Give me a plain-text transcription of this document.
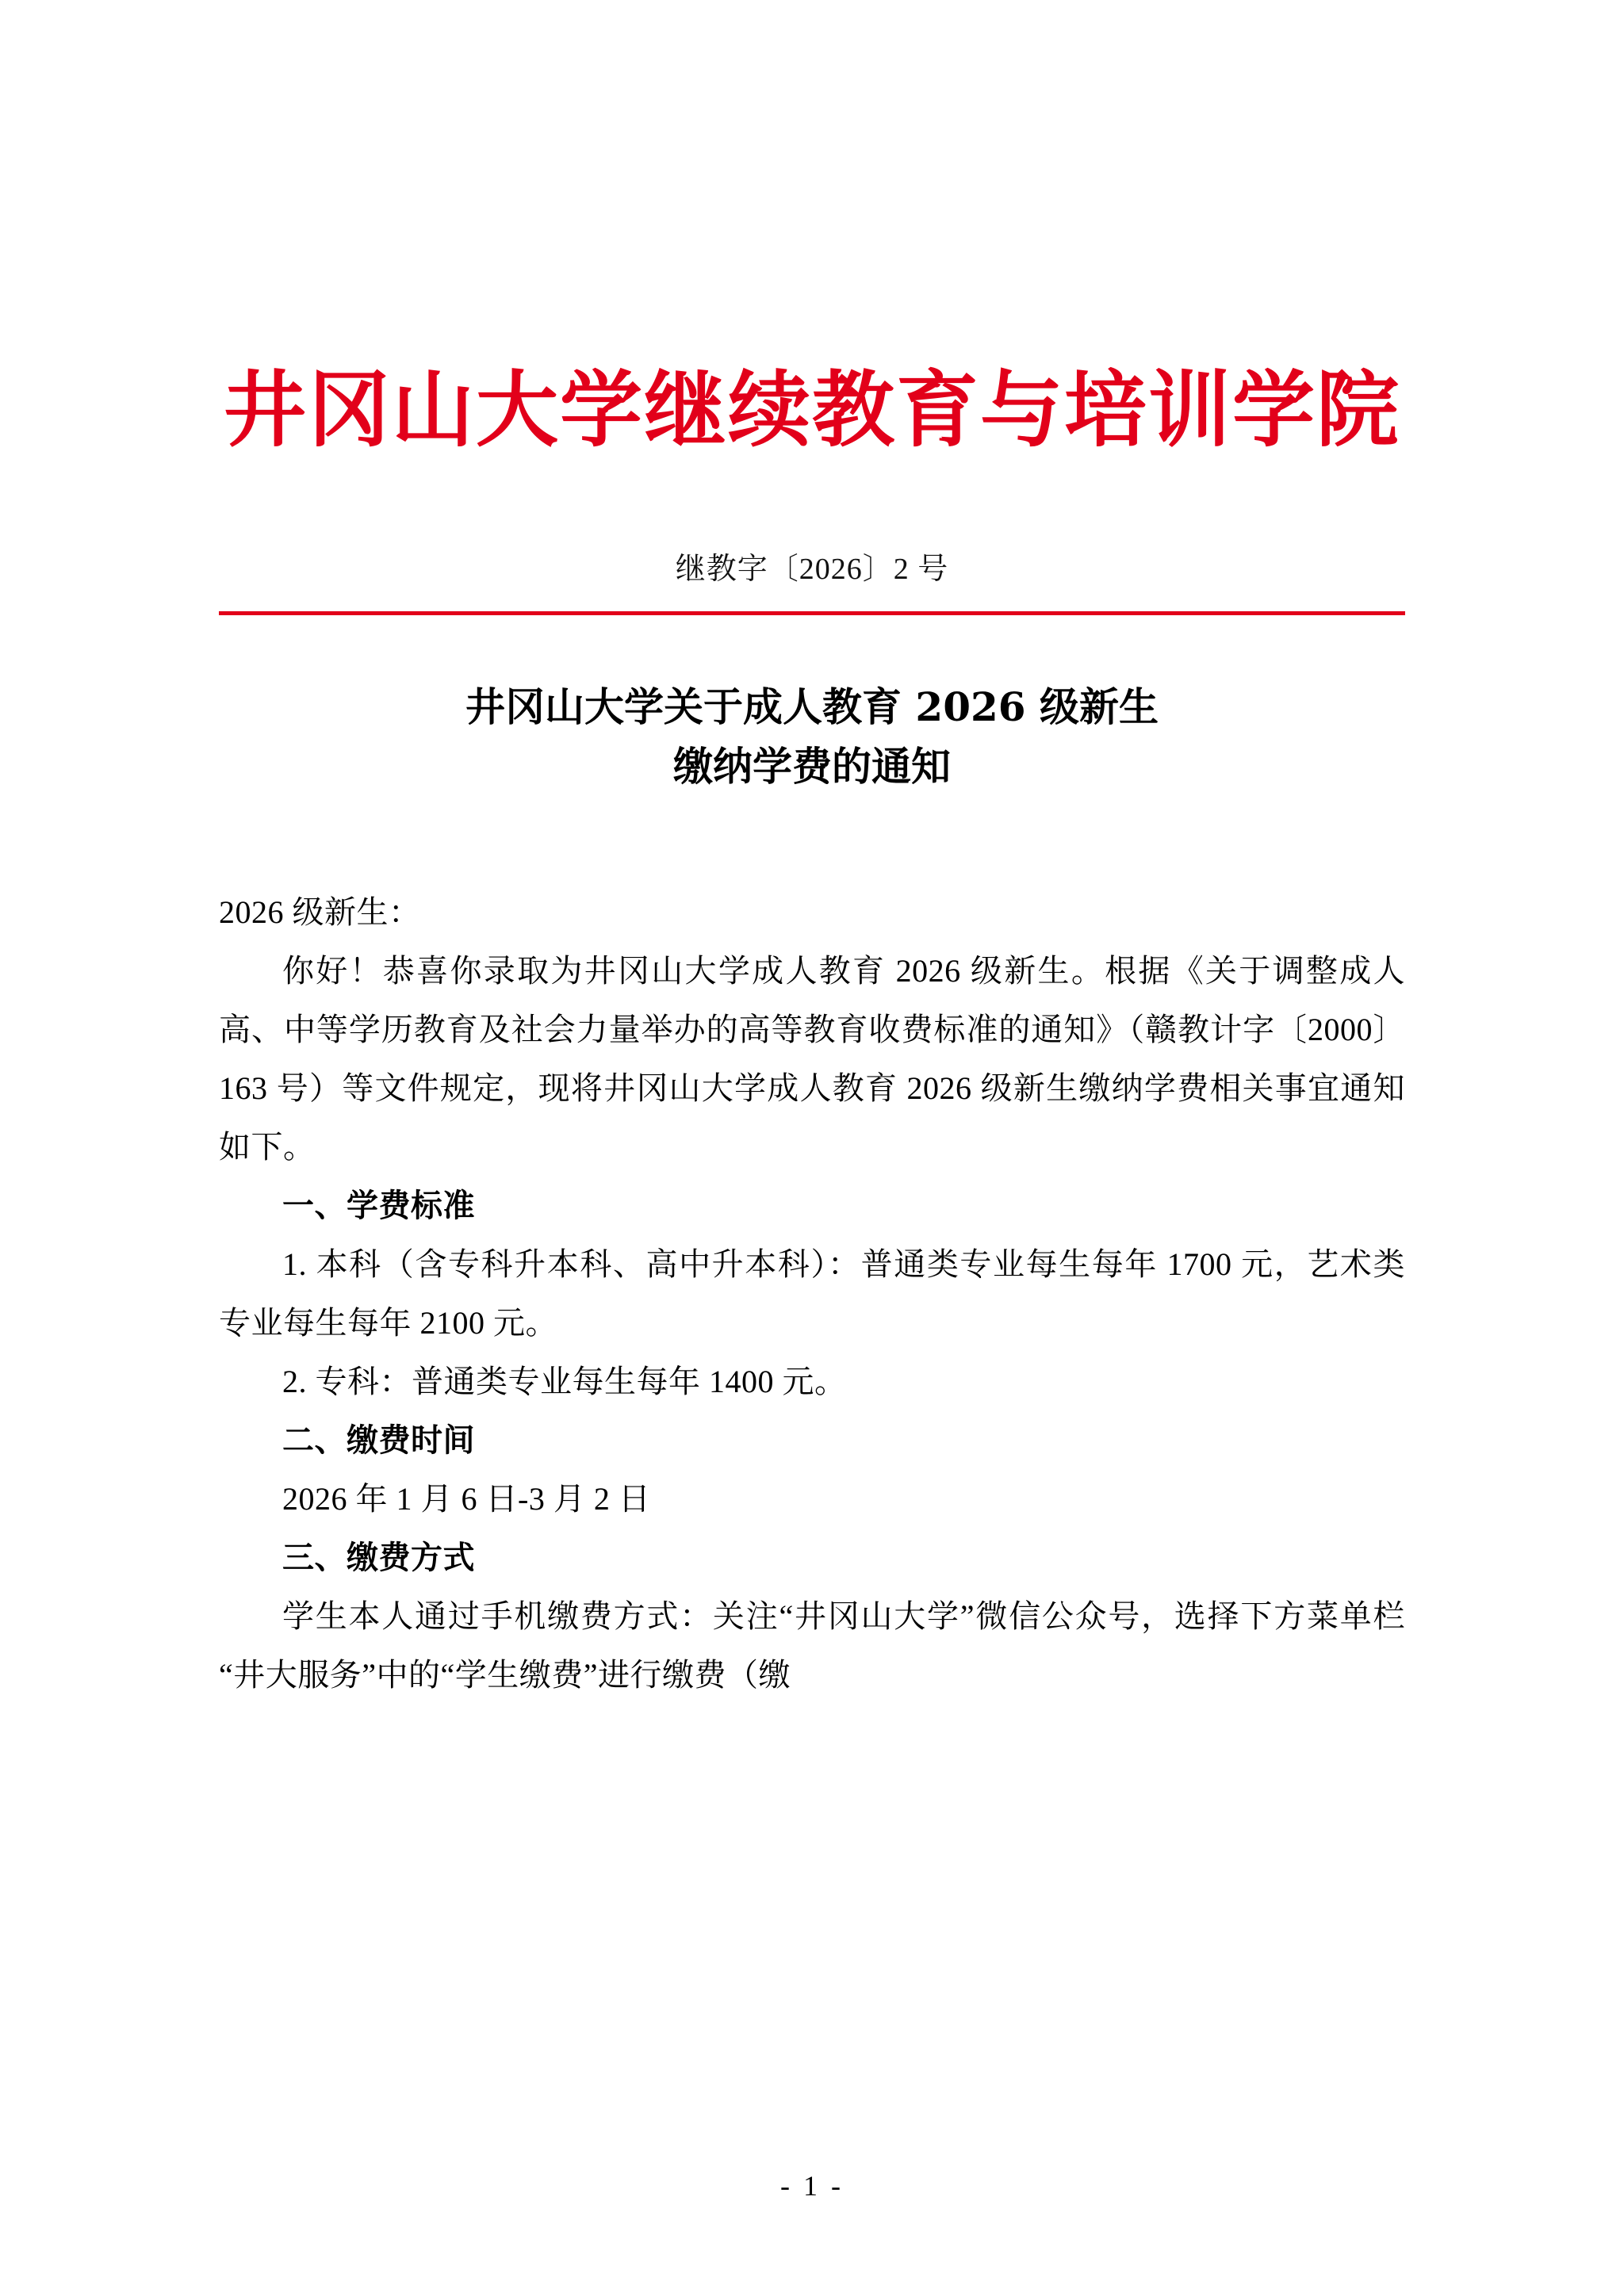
井冈山大学继续教育与培训学院
继教字〔2026〕2 号
井冈山大学关于成人教育 2026 级新生
缴纳学费的通知

2026 级新生：

你好！恭喜你录取为井冈山大学成人教育 2026 级新生。根据《关于调整成人高、中等学历教育及社会力量举办的高等教育收费标准的通知》（赣教计字〔2000〕163 号）等文件规定，现将井冈山大学成人教育 2026 级新生缴纳学费相关事宜通知如下。

一、学费标准

1. 本科（含专科升本科、高中升本科）：普通类专业每生每年 1700 元，艺术类专业每生每年 2100 元。

2. 专科：普通类专业每生每年 1400 元。

二、缴费时间

2026 年 1 月 6 日-3 月 2 日

三、缴费方式

学生本人通过手机缴费方式：关注“井冈山大学”微信公众号，选择下方菜单栏“井大服务”中的“学生缴费”进行缴费（缴

- 1 -
